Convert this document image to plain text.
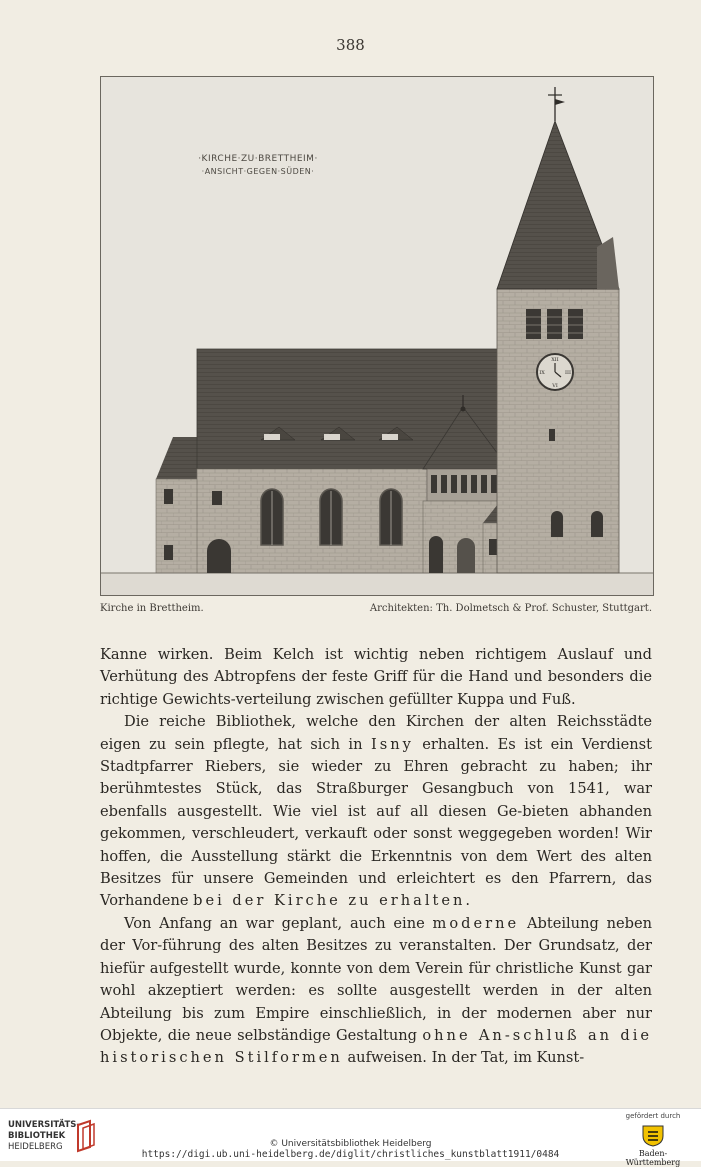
388
·KIRCHE·ZU·BRETTHEIM·
·ANSICHT·GEGEN·SÜDEN·
XII
III
VI
IX
Kirche in Brettheim.	Architekten: Th. Dolmetsch & Prof. Schuster, Stuttgart.

Kanne wirken. Beim Kelch ist wichtig neben richtigem Auslauf und Verhütung des Abtropfens der feste Griff für die Hand und besonders die richtige Gewichts-verteilung zwischen gefüllter Kuppa und Fuß.

Die reiche Bibliothek, welche den Kirchen der alten Reichsstädte eigen zu sein pflegte, hat sich in Isny erhalten. Es ist ein Verdienst Stadtpfarrer Riebers, sie wieder zu Ehren gebracht zu haben; ihr berühmtestes Stück, das Straßburger Gesangbuch von 1541, war ebenfalls ausgestellt. Wie viel ist auf all diesen Ge-bieten abhanden gekommen, verschleudert, verkauft oder sonst weggegeben worden! Wir hoffen, die Ausstellung stärkt die Erkenntnis von dem Wert des alten Besitzes für unsere Gemeinden und erleichtert es den Pfarrern, das Vorhandene bei der Kirche zu erhalten.

Von Anfang an war geplant, auch eine moderne Abteilung neben der Vor-führung des alten Besitzes zu veranstalten. Der Grundsatz, der hiefür aufgestellt wurde, konnte von dem Verein für christliche Kunst gar wohl akzeptiert werden: es sollte ausgestellt werden in der alten Abteilung bis zum Empire einschließlich, in der modernen aber nur Objekte, die neue selbständige Gestaltung ohne An-schluß an die historischen Stilformen aufweisen. In der Tat, im Kunst-

UNIVERSITÄTS-
BIBLIOTHEK
HEIDELBERG	© Universitätsbibliothek Heidelberg
https://digi.ub.uni-heidelberg.de/diglit/christliches_kunstblatt1911/0484
gefördert durch
Baden-Württemberg
